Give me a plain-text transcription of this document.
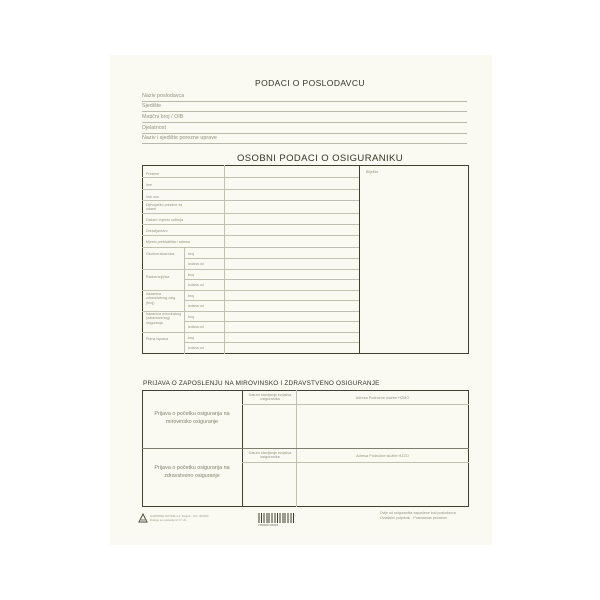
PODACI O POSLODAVCU
Naziv poslodavca
Sjedište
Matični broj / OIB
Djelatnost
Naziv i sjedište porezne uprave
OSOBNI PODACI O OSIGURANIKU
Bilješke
Prezime
Ime
Ime oca
Djevojačko prezime za udane
Datum i mjesto rođenja
Državljanstvo
Mjesto prebivališta / adresa
Osobna iskaznica	broj
izdana od
Radna knjižica	broj
izdana od
Iskaznica zdravstvenog osig. (broj)
broj
izdana od
Iskaznica mirovinskog (zdravstvenog) osiguranja
broj
izdana od
Putna isprava	broj
izdana od
PRIJAVA O ZAPOSLENJU NA MIROVINSKO I ZDRAVSTVENO OSIGURANJE
Prijava o početku osiguranja na mirovinsko osiguranje
Prijava o početku osiguranja na zdravstveno osiguranje
Datum stavljanja svojstva osiguranika	Adresa Područne službe HZMO
Datum stavljanja svojstva osiguranika	Adresa Područne službe HZZO
NARODNE NOVINE d.d. Zagreb - Obr. 000000
Izdanje se nastavlja M 17 obr.
3 859000 000000
Dvije od osiguranika zaposlene kod poslodavca
Ovlašteni potpisnik - Poslodavac pečatom
